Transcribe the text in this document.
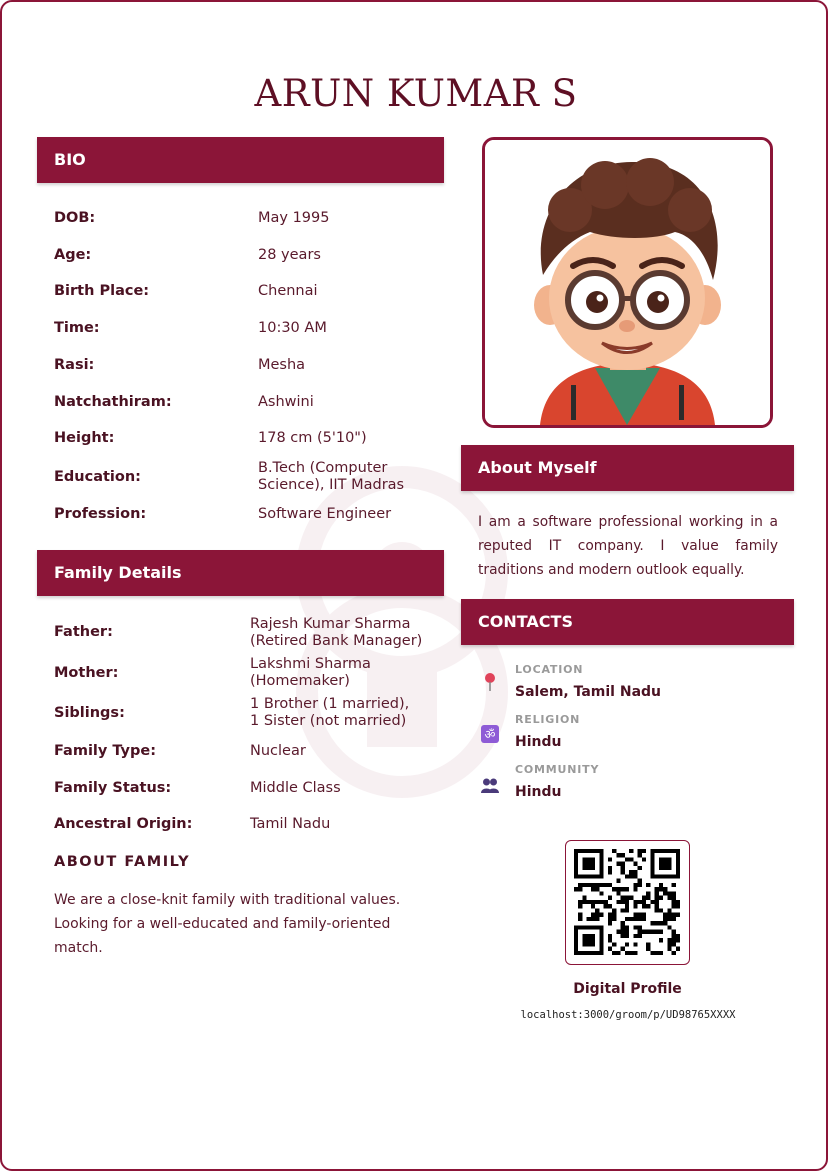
ARUN KUMAR S
BIO
DOB:	May 1995
Age:	28 years
Birth Place:	Chennai
Time:	10:30 AM
Rasi:	Mesha
Natchathiram:	Ashwini
Height:	178 cm (5'10")
Education:
B.Tech (Computer Science), IIT Madras
Profession:	Software Engineer
Family Details
Father:	Rajesh Kumar Sharma (Retired Bank Manager)
Mother:
Lakshmi Sharma (Homemaker)
Siblings:
1 Brother (1 married), 1 Sister (not married)
Family Type:	Nuclear
Family Status:	Middle Class
Ancestral Origin:	Tamil Nadu
ABOUT FAMILY
We are a close-knit family with traditional values. Looking for a well-educated and family-oriented match.
About Myself
I am a software professional working in a reputed IT company. I value family traditions and modern outlook equally.
CONTACTS
LOCATION
Salem, Tamil Nadu
ॐ
RELIGION
Hindu
COMMUNITY
Hindu
Digital Profile
localhost:3000/groom/p/UD98765XXXX
